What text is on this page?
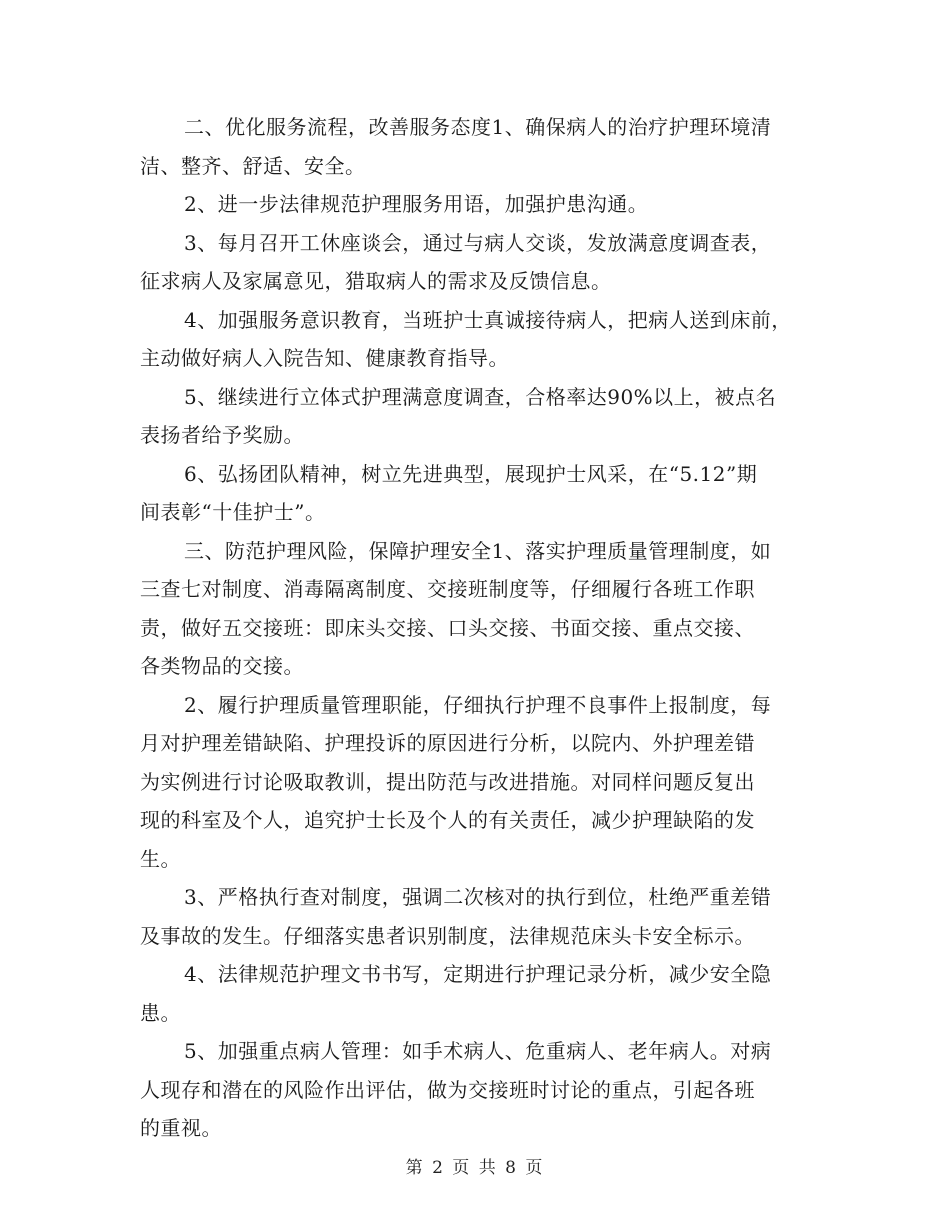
二、优化服务流程，改善服务态度1、确保病人的治疗护理环境清
洁、整齐、舒适、安全。
2、进一步法律规范护理服务用语，加强护患沟通。
3、每月召开工休座谈会，通过与病人交谈，发放满意度调查表，
征求病人及家属意见，猎取病人的需求及反馈信息。
4、加强服务意识教育，当班护士真诚接待病人，把病人送到床前，
主动做好病人入院告知、健康教育指导。
5、继续进行立体式护理满意度调查，合格率达90%以上，被点名
表扬者给予奖励。
6、弘扬团队精神，树立先进典型，展现护士风采，在“5.12”期
间表彰“十佳护士”。
三、防范护理风险，保障护理安全1、落实护理质量管理制度，如
三查七对制度、消毒隔离制度、交接班制度等，仔细履行各班工作职
责，做好五交接班：即床头交接、口头交接、书面交接、重点交接、
各类物品的交接。
2、履行护理质量管理职能，仔细执行护理不良事件上报制度，每
月对护理差错缺陷、护理投诉的原因进行分析，以院内、外护理差错
为实例进行讨论吸取教训，提出防范与改进措施。对同样问题反复出
现的科室及个人，追究护士长及个人的有关责任，减少护理缺陷的发
生。
3、严格执行查对制度，强调二次核对的执行到位，杜绝严重差错
及事故的发生。仔细落实患者识别制度，法律规范床头卡安全标示。
4、法律规范护理文书书写，定期进行护理记录分析，减少安全隐
患。
5、加强重点病人管理：如手术病人、危重病人、老年病人。对病
人现存和潜在的风险作出评估，做为交接班时讨论的重点，引起各班
的重视。
第 2 页 共 8 页
